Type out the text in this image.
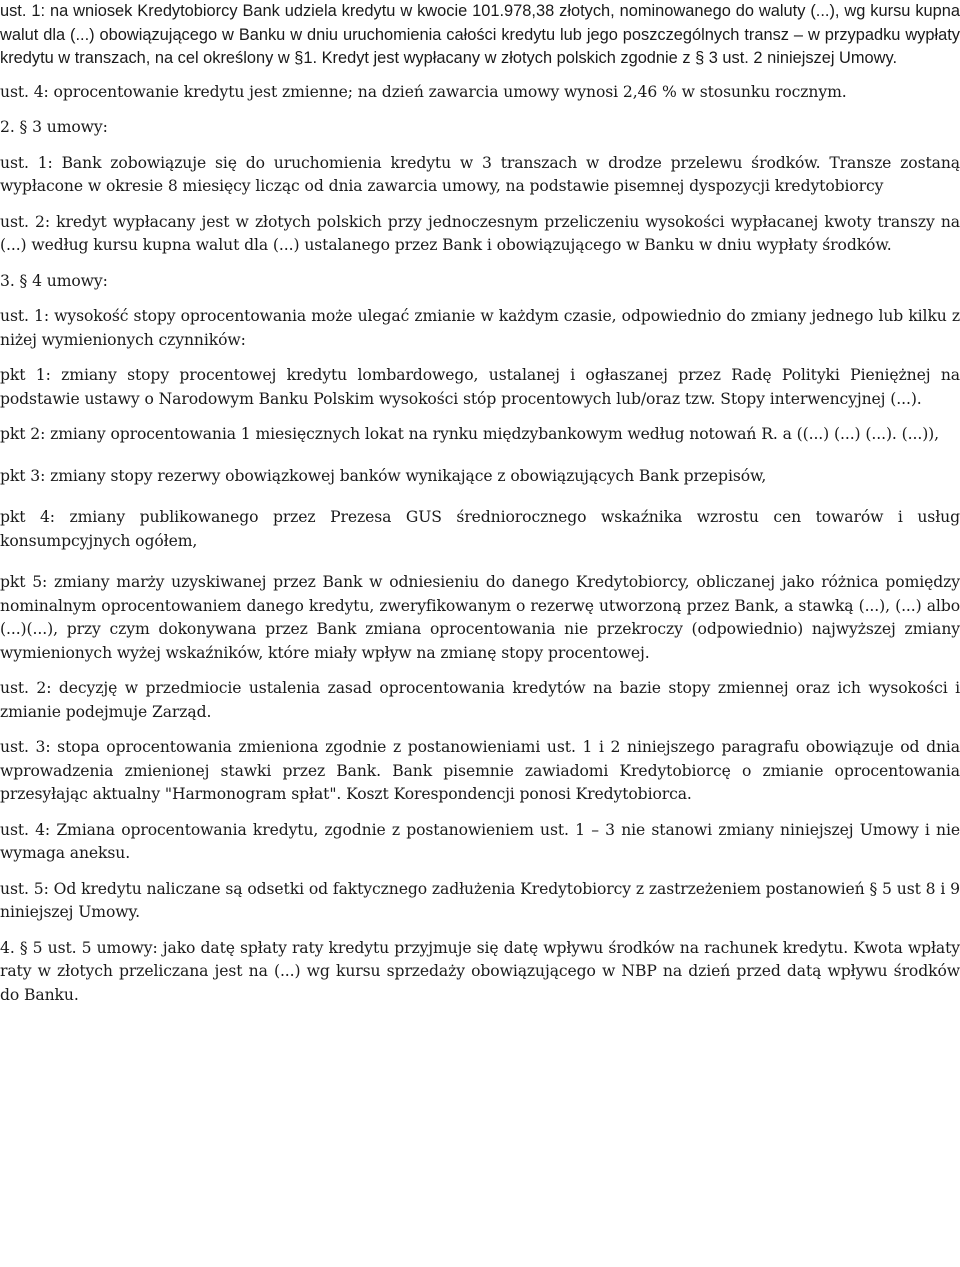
ust. 1: na wniosek Kredytobiorcy Bank udziela kredytu w kwocie 101.978,38 złotych, nominowanego do waluty (...), wg kursu kupna walut dla (...) obowiązującego w Banku w dniu uruchomienia całości kredytu lub jego poszczególnych transz – w przypadku wypłaty kredytu w transzach, na cel określony w §1. Kredyt jest wypłacany w złotych polskich zgodnie z § 3 ust. 2 niniejszej Umowy.

ust. 4: oprocentowanie kredytu jest zmienne; na dzień zawarcia umowy wynosi 2,46 % w stosunku rocznym.

2. § 3 umowy:

ust. 1: Bank zobowiązuje się do uruchomienia kredytu w 3 transzach w drodze przelewu środków. Transze zostaną wypłacone w okresie 8 miesięcy licząc od dnia zawarcia umowy, na podstawie pisemnej dyspozycji kredytobiorcy

ust. 2: kredyt wypłacany jest w złotych polskich przy jednoczesnym przeliczeniu wysokości wypłacanej kwoty transzy na (...) według kursu kupna walut dla (...) ustalanego przez Bank i obowiązującego w Banku w dniu wypłaty środków.

3. § 4 umowy:

ust. 1: wysokość stopy oprocentowania może ulegać zmianie w każdym czasie, odpowiednio do zmiany jednego lub kilku z niżej wymienionych czynników:

pkt 1: zmiany stopy procentowej kredytu lombardowego, ustalanej i ogłaszanej przez Radę Polityki Pieniężnej na podstawie ustawy o Narodowym Banku Polskim wysokości stóp procentowych lub/oraz tzw. Stopy interwencyjnej (...).

pkt 2: zmiany oprocentowania 1 miesięcznych lokat na rynku międzybankowym według notowań R. a ((...) (...) (...). (...)),

pkt 3: zmiany stopy rezerwy obowiązkowej banków wynikające z obowiązujących Bank przepisów,

pkt 4: zmiany publikowanego przez Prezesa GUS średniorocznego wskaźnika wzrostu cen towarów i usług konsumpcyjnych ogółem,

pkt 5: zmiany marży uzyskiwanej przez Bank w odniesieniu do danego Kredytobiorcy, obliczanej jako różnica pomiędzy nominalnym oprocentowaniem danego kredytu, zweryfikowanym o rezerwę utworzoną przez Bank, a stawką (...), (...) albo (...)(...), przy czym dokonywana przez Bank zmiana oprocentowania nie przekroczy (odpowiednio) najwyższej zmiany wymienionych wyżej wskaźników, które miały wpływ na zmianę stopy procentowej.

ust. 2: decyzję w przedmiocie ustalenia zasad oprocentowania kredytów na bazie stopy zmiennej oraz ich wysokości i zmianie podejmuje Zarząd.

ust. 3: stopa oprocentowania zmieniona zgodnie z postanowieniami ust. 1 i 2 niniejszego paragrafu obowiązuje od dnia wprowadzenia zmienionej stawki przez Bank. Bank pisemnie zawiadomi Kredytobiorcę o zmianie oprocentowania przesyłając aktualny "Harmonogram spłat". Koszt Korespondencji ponosi Kredytobiorca.

ust. 4: Zmiana oprocentowania kredytu, zgodnie z postanowieniem ust. 1 – 3 nie stanowi zmiany niniejszej Umowy i nie wymaga aneksu.

ust. 5: Od kredytu naliczane są odsetki od faktycznego zadłużenia Kredytobiorcy z zastrzeżeniem postanowień § 5 ust 8 i 9 niniejszej Umowy.

4. § 5 ust. 5 umowy: jako datę spłaty raty kredytu przyjmuje się datę wpływu środków na rachunek kredytu. Kwota wpłaty raty w złotych przeliczana jest na (...) wg kursu sprzedaży obowiązującego w NBP na dzień przed datą wpływu środków do Banku.
